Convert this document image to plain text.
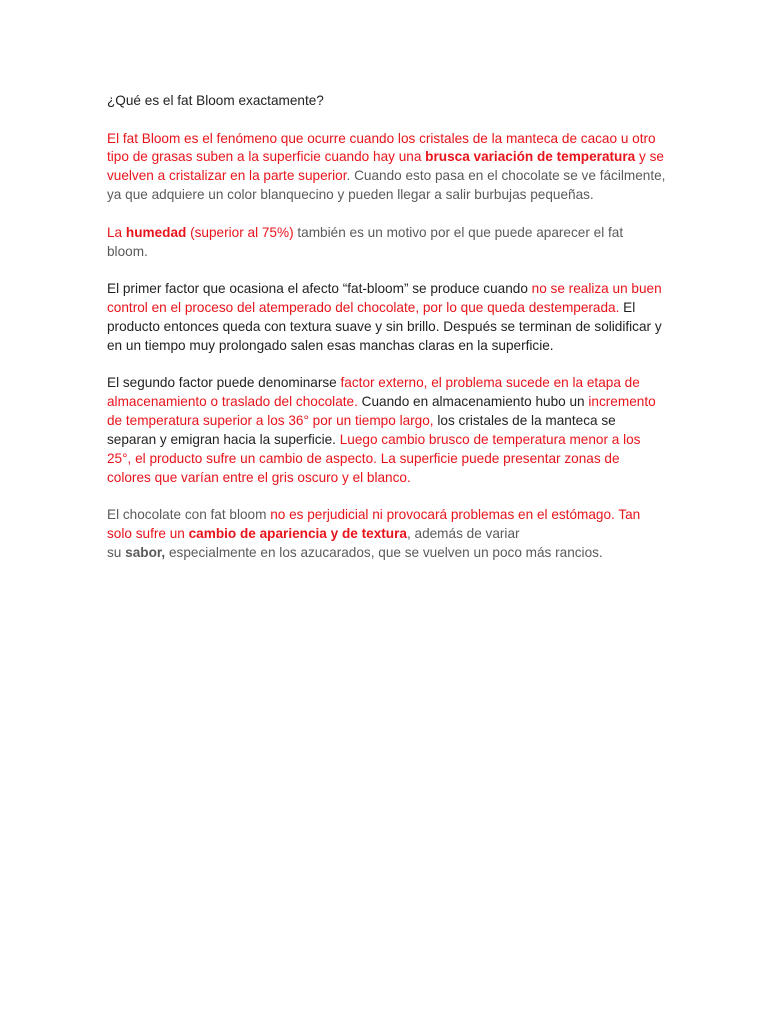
¿Qué es el fat Bloom exactamente?

El fat Bloom es el fenómeno que ocurre cuando los cristales de la manteca de cacao u otro tipo de grasas suben a la superficie cuando hay una brusca variación de temperatura y se vuelven a cristalizar en la parte superior. Cuando esto pasa en el chocolate se ve fácilmente, ya que adquiere un color blanquecino y pueden llegar a salir burbujas pequeñas.

La humedad (superior al 75%) también es un motivo por el que puede aparecer el fat bloom.

El primer factor que ocasiona el afecto “fat-bloom” se produce cuando no se realiza un buen control en el proceso del atemperado del chocolate, por lo que queda destemperada. El producto entonces queda con textura suave y sin brillo. Después se terminan de solidificar y en un tiempo muy prolongado salen esas manchas claras en la superficie.

El segundo factor puede denominarse factor externo, el problema sucede en la etapa de almacenamiento o traslado del chocolate. Cuando en almacenamiento hubo un incremento de temperatura superior a los 36° por un tiempo largo, los cristales de la manteca se separan y emigran hacia la superficie. Luego cambio brusco de temperatura menor a los 25°, el producto sufre un cambio de aspecto. La superficie puede presentar zonas de colores que varían entre el gris oscuro y el blanco.

El chocolate con fat bloom no es perjudicial ni provocará problemas en el estómago. Tan solo sufre un cambio de apariencia y de textura, además de variar
su sabor, especialmente en los azucarados, que se vuelven un poco más rancios.
